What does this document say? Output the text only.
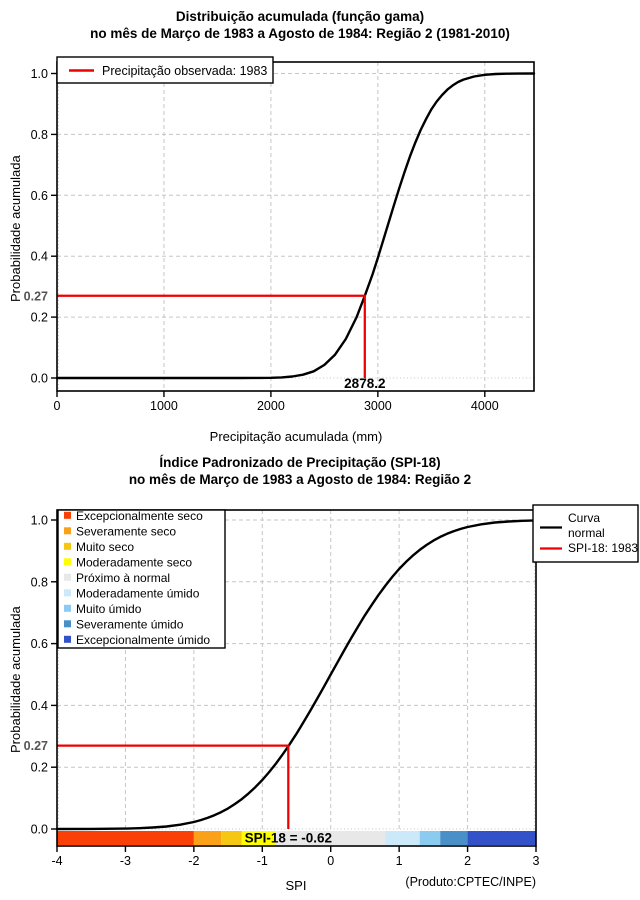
Distribuição acumulada (função gama)
no mês de Março de 1983 a Agosto de 1984: Região 2 (1981-2010)
0	1000	2000	3000	4000
0.0
0.2
0.4
0.6
0.8
1.0
0.27
2878.2
Precipitação observada: 1983
Probabilidade acumulada
Precipitação acumulada (mm)
Índice Padronizado de Precipitação (SPI-18)
no mês de Março de 1983 a Agosto de 1984: Região 2
-4	-3	-2	-1	0	1	2	3
0.0
0.2
0.4
0.6
0.8
1.0
0.27
SPI-18 = -0.62
Curva
normal
SPI-18: 1983
Excepcionalmente seco
Severamente seco
Muito seco
Moderadamente seco
Próximo à normal
Moderadamente úmido
Muito úmido
Severamente úmido
Excepcionalmente úmido
Probabilidade acumulada
SPI	(Produto:CPTEC/INPE)
